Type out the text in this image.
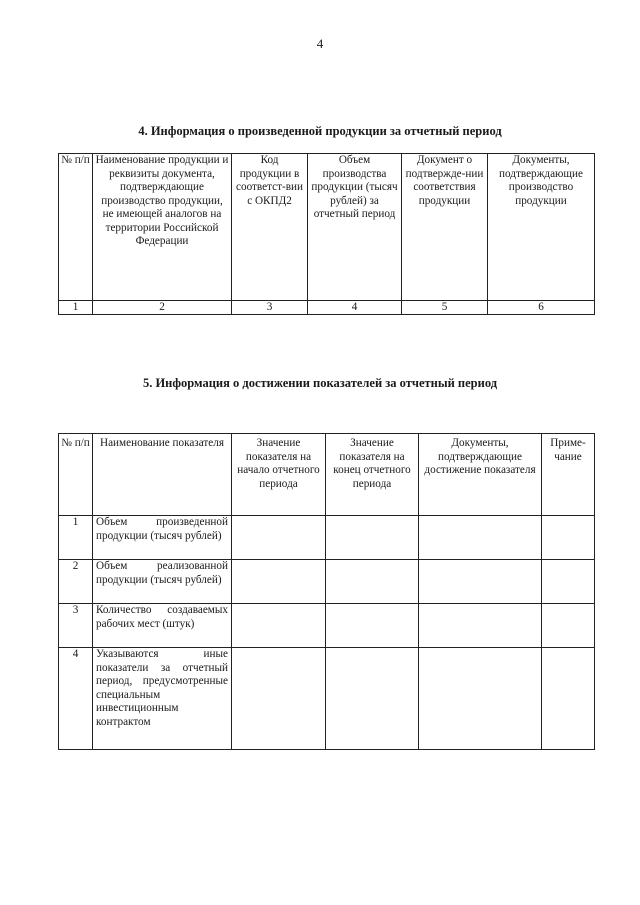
4
4. Информация о произведенной продукции за отчетный период
№ п/п	Наименование продукции и реквизиты документа, подтверждающие производство продукции, не имеющей аналогов на территории Российской Федерации	Код продукции в соответст-вии с ОКПД2	Объем производства продукции (тысяч рублей) за отчетный период	Документ о подтвержде-нии соответствия продукции	Документы, подтверждающие производство продукции
1	2	3	4	5	6
5. Информация о достижении показателей за отчетный период
№ п/п	Наименование показателя	Значение показателя на начало отчетного периода	Значение показателя на конец отчетного периода	Документы, подтверждающие достижение показателя	Приме-чание
1	Объем произведенной продукции (тысяч рублей)				
2	Объем реализованной продукции (тысяч рублей)				
3	Количество создаваемых рабочих мест (штук)				
4	Указываются иные показатели за отчетный период, предусмотренные специальным инвестиционным контрактом				
